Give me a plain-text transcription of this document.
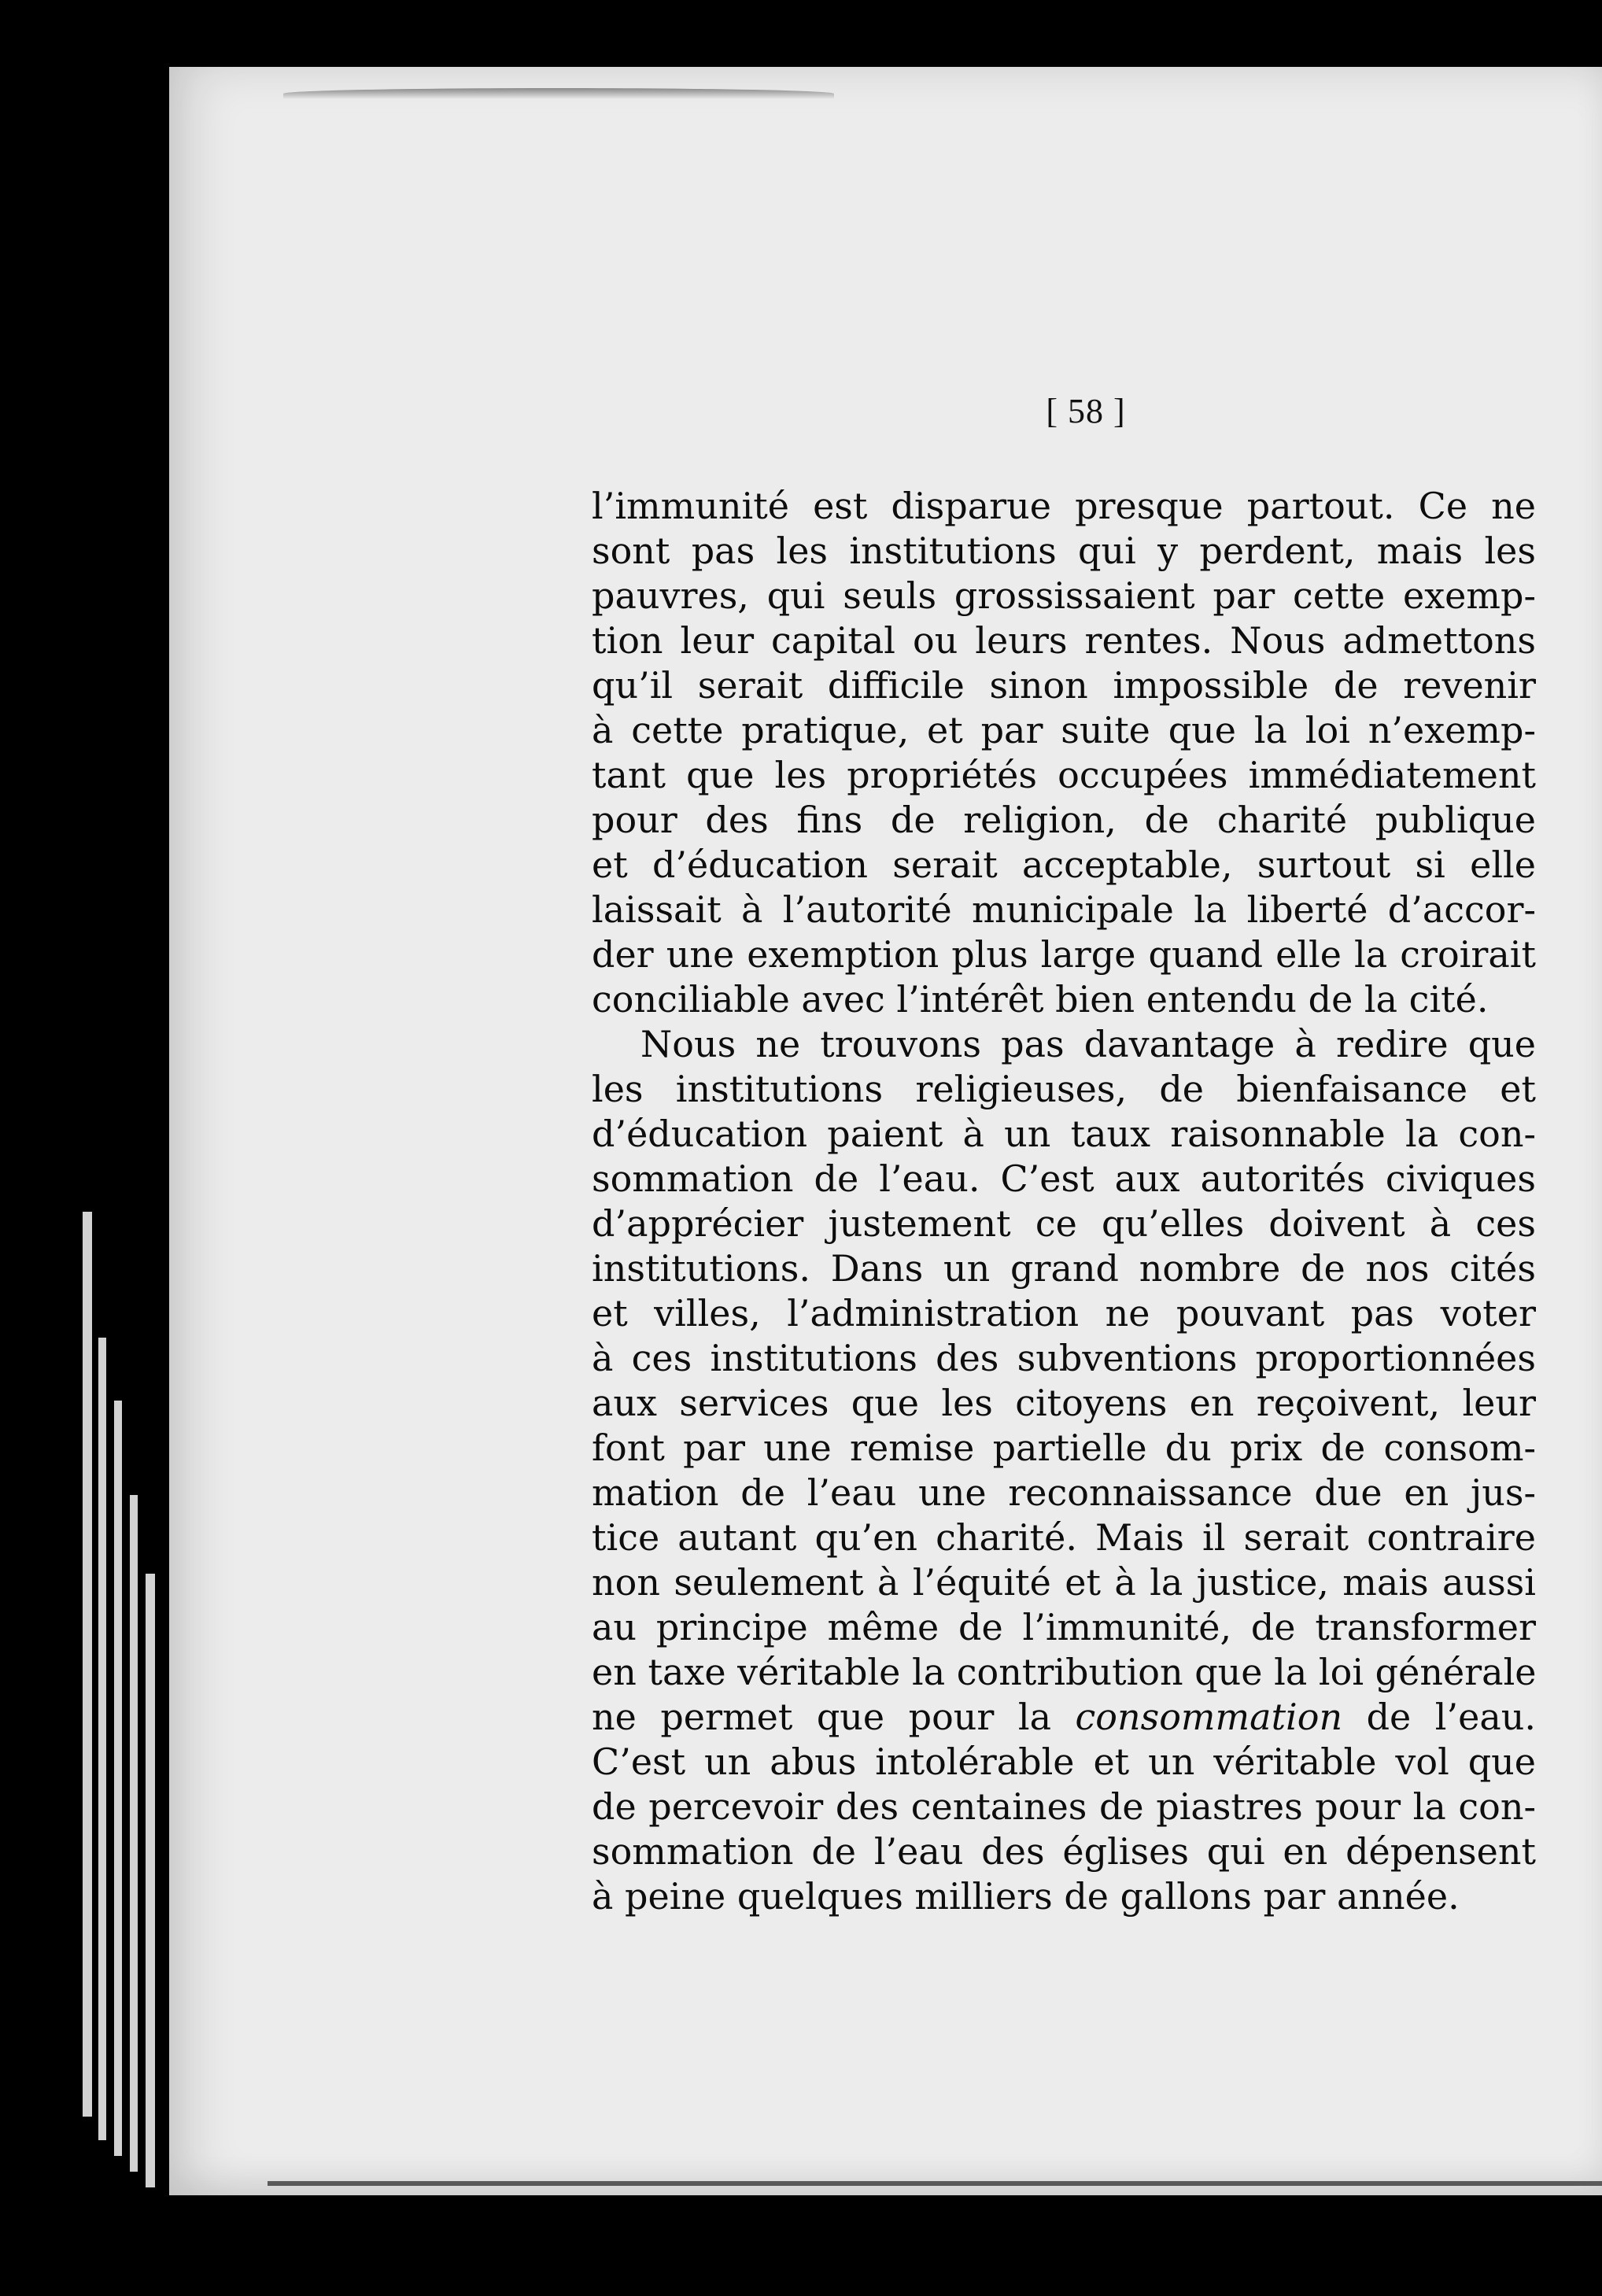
[ 58 ]
l’immunité est disparue presque partout. Ce ne
sont pas les institutions qui y perdent, mais les
pauvres, qui seuls grossissaient par cette exemp-
tion leur capital ou leurs rentes. Nous admettons
qu’il serait difficile sinon impossible de revenir
à cette pratique, et par suite que la loi n’exemp-
tant que les propriétés occupées immédiatement
pour des fins de religion, de charité publique
et d’éducation serait acceptable, surtout si elle
laissait à l’autorité municipale la liberté d’accor-
der une exemption plus large quand elle la croirait
conciliable avec l’intérêt bien entendu de la cité.
Nous ne trouvons pas davantage à redire que
les institutions religieuses, de bienfaisance et
d’éducation paient à un taux raisonnable la con-
sommation de l’eau. C’est aux autorités civiques
d’apprécier justement ce qu’elles doivent à ces
institutions. Dans un grand nombre de nos cités
et villes, l’administration ne pouvant pas voter
à ces institutions des subventions proportionnées
aux services que les citoyens en reçoivent, leur
font par une remise partielle du prix de consom-
mation de l’eau une reconnaissance due en jus-
tice autant qu’en charité. Mais il serait contraire
non seulement à l’équité et à la justice, mais aussi
au principe même de l’immunité, de transformer
en taxe véritable la contribution que la loi générale
ne permet que pour la consommation de l’eau.
C’est un abus intolérable et un véritable vol que
de percevoir des centaines de piastres pour la con-
sommation de l’eau des églises qui en dépensent
à peine quelques milliers de gallons par année.
